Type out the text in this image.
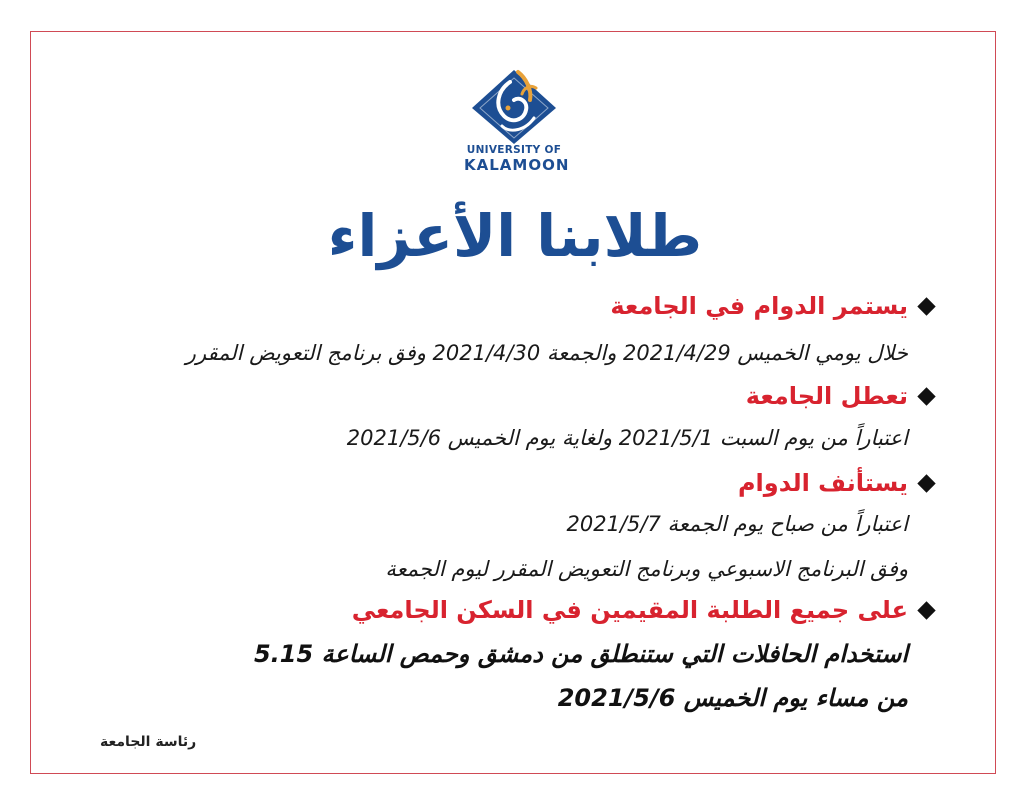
UNIVERSITY OF
KALAMOON
طلابنا الأعزاء
يستمر الدوام في الجامعة
خلال يومي الخميس 2021/4/29 والجمعة 2021/4/30 وفق برنامج التعويض المقرر
تعطل الجامعة
اعتباراً من يوم السبت 2021/5/1 ولغاية يوم الخميس 2021/5/6
يستأنف الدوام
اعتباراً من صباح يوم الجمعة 2021/5/7
وفق البرنامج الاسبوعي وبرنامج التعويض المقرر ليوم الجمعة
على جميع الطلبة المقيمين في السكن الجامعي
استخدام الحافلات التي ستنطلق من دمشق وحمص الساعة 5.15
من مساء يوم الخميس 2021/5/6
رئاسة الجامعة
